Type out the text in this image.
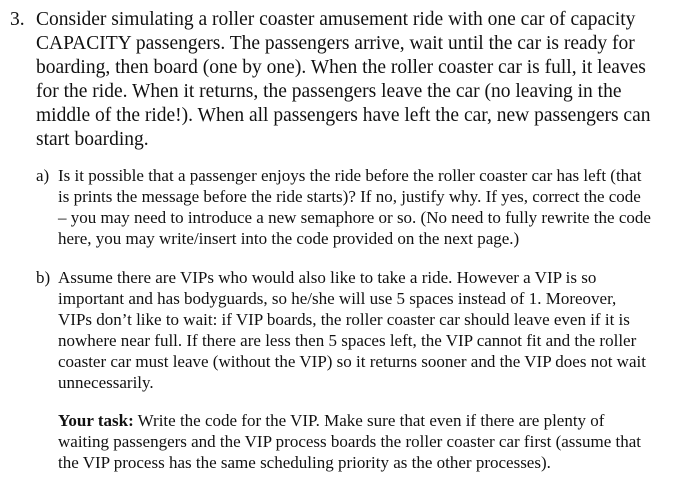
3. Consider simulating a roller coaster amusement ride with one car of capacity
CAPACITY passengers. The passengers arrive, wait until the car is ready for
boarding, then board (one by one). When the roller coaster car is full, it leaves
for the ride. When it returns, the passengers leave the car (no leaving in the
middle of the ride!). When all passengers have left the car, new passengers can
start boarding.
a) Is it possible that a passenger enjoys the ride before the roller coaster car has left (that
is prints the message before the ride starts)? If no, justify why. If yes, correct the code
– you may need to introduce a new semaphore or so. (No need to fully rewrite the code
here, you may write/insert into the code provided on the next page.)
b) Assume there are VIPs who would also like to take a ride. However a VIP is so
important and has bodyguards, so he/she will use 5 spaces instead of 1. Moreover,
VIPs don’t like to wait: if VIP boards, the roller coaster car should leave even if it is
nowhere near full. If there are less then 5 spaces left, the VIP cannot fit and the roller
coaster car must leave (without the VIP) so it returns sooner and the VIP does not wait
unnecessarily.
Your task: Write the code for the VIP. Make sure that even if there are plenty of
waiting passengers and the VIP process boards the roller coaster car first (assume that
the VIP process has the same scheduling priority as the other processes).
